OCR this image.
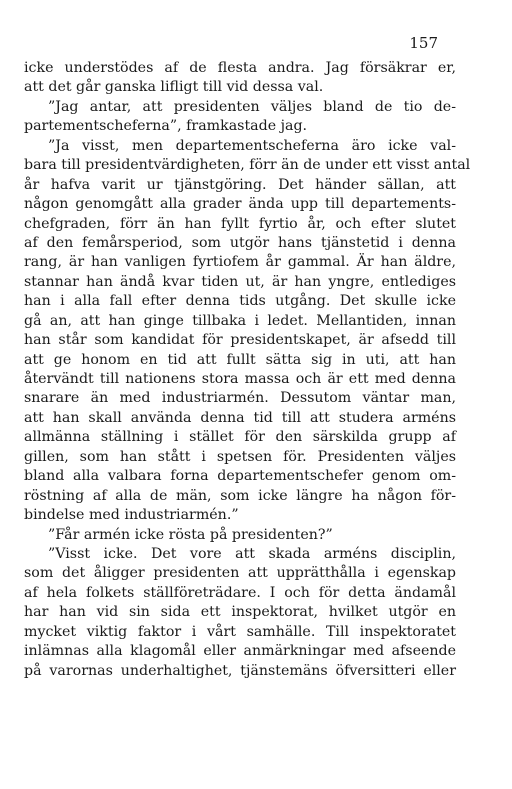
157
icke understödes af de flesta andra. Jag försäkrar er,
att det går ganska lifligt till vid dessa val.
”Jag antar, att presidenten väljes bland de tio de-
partementscheferna”, framkastade jag.
”Ja visst, men departementscheferna äro icke val-
bara till presidentvärdigheten, förr än de under ett visst antal
år hafva varit ur tjänstgöring. Det händer sällan, att
någon genomgått alla grader ända upp till departements-
chefgraden, förr än han fyllt fyrtio år, och efter slutet
af den femårsperiod, som utgör hans tjänstetid i denna
rang, är han vanligen fyrtiofem år gammal. Är han äldre,
stannar han ändå kvar tiden ut, är han yngre, entlediges
han i alla fall efter denna tids utgång. Det skulle icke
gå an, att han ginge tillbaka i ledet. Mellantiden, innan
han står som kandidat för presidentskapet, är afsedd till
att ge honom en tid att fullt sätta sig in uti, att han
återvändt till nationens stora massa och är ett med denna
snarare än med industriarmén. Dessutom väntar man,
att han skall använda denna tid till att studera arméns
allmänna ställning i stället för den särskilda grupp af
gillen, som han stått i spetsen för. Presidenten väljes
bland alla valbara forna departementschefer genom om-
röstning af alla de män, som icke längre ha någon för-
bindelse med industriarmén.”
”Får armén icke rösta på presidenten?”
”Visst icke. Det vore att skada arméns disciplin,
som det åligger presidenten att upprätthålla i egenskap
af hela folkets ställföreträdare. I och för detta ändamål
har han vid sin sida ett inspektorat, hvilket utgör en
mycket viktig faktor i vårt samhälle. Till inspektoratet
inlämnas alla klagomål eller anmärkningar med afseende
på varornas underhaltighet, tjänstemäns öfversitteri eller
